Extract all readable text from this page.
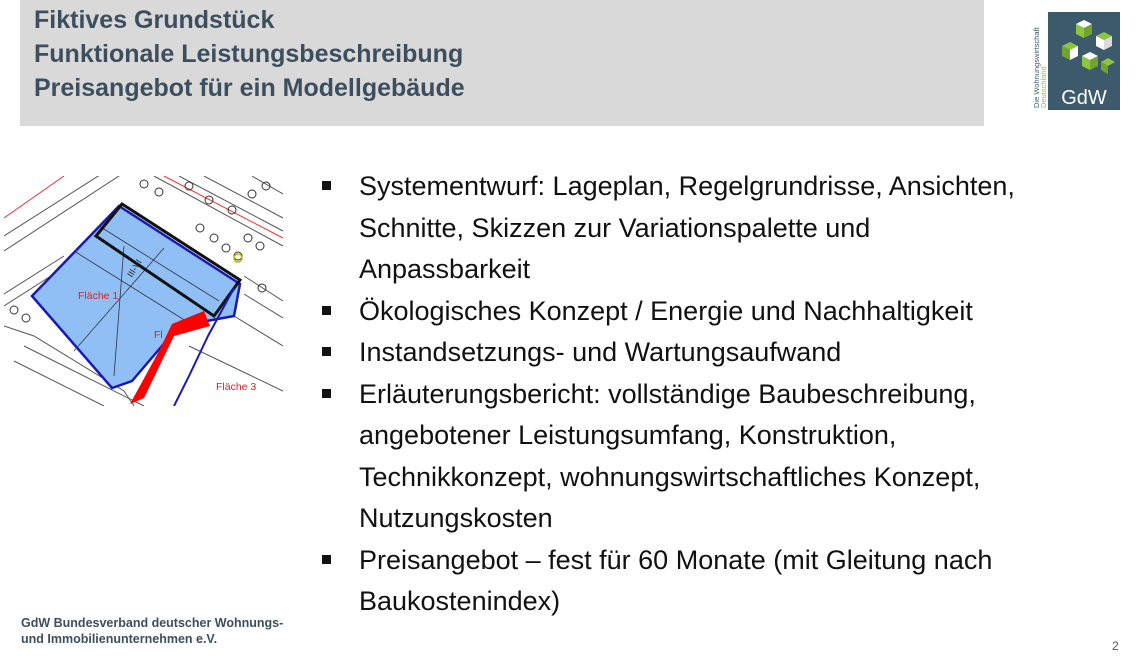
Fiktives Grundstück
Funktionale Leistungsbeschreibung
Preisangebot für ein Modellgebäude	GdW
Die Wohnungswirtschaft
Deutschland
Fläche 1
Fl
Fläche 3
III-VI
Systementwurf: Lageplan, Regelgrundrisse, Ansichten,
Schnitte, Skizzen zur Variationspalette und
Anpassbarkeit
Ökologisches Konzept / Energie und Nachhaltigkeit
Instandsetzungs- und Wartungsaufwand
Erläuterungsbericht: vollständige Baubeschreibung,
angebotener Leistungsumfang, Konstruktion,
Technikkonzept, wohnungswirtschaftliches Konzept,
Nutzungskosten
Preisangebot – fest für 60 Monate (mit Gleitung nach
Baukostenindex)
GdW Bundesverband deutscher Wohnungs-
und Immobilienunternehmen e.V.	2
